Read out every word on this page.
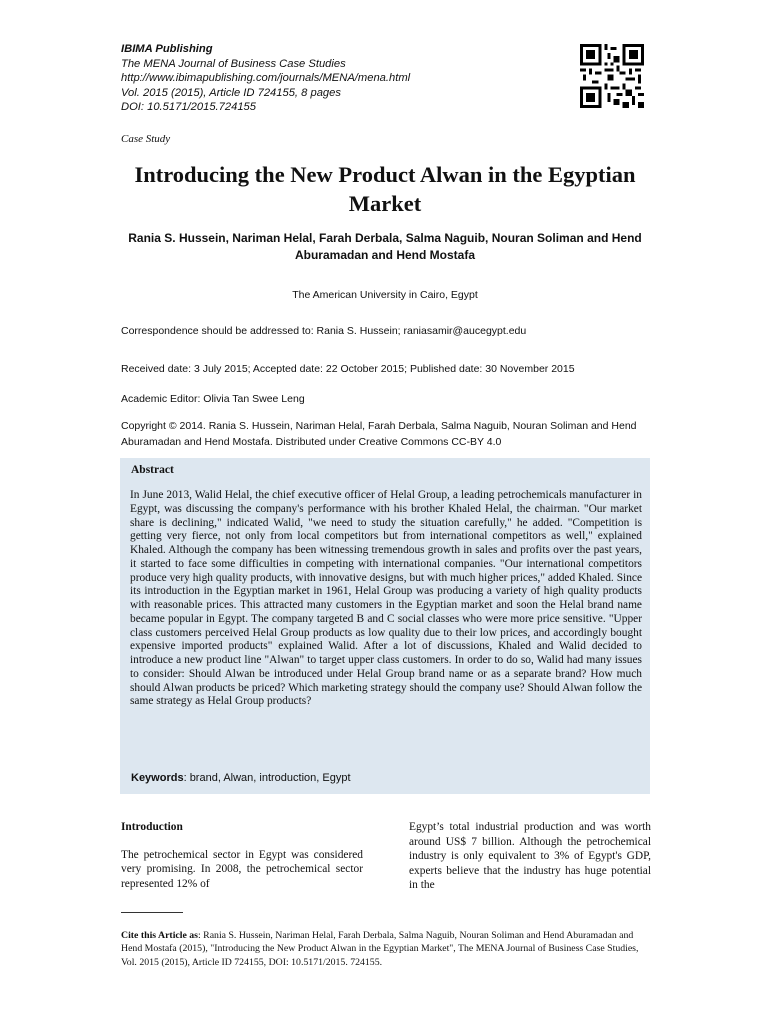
IBIMA Publishing
The MENA Journal of Business Case Studies
http://www.ibimapublishing.com/journals/MENA/mena.html
Vol. 2015 (2015), Article ID 724155, 8 pages
DOI: 10.5171/2015.724155
Case Study
Introducing the New Product Alwan in the Egyptian Market
Rania S. Hussein, Nariman Helal, Farah Derbala, Salma Naguib, Nouran Soliman and Hend Aburamadan and Hend Mostafa
The American University in Cairo, Egypt
Correspondence should be addressed to: Rania S. Hussein; raniasamir@aucegypt.edu
Received date: 3 July 2015; Accepted date: 22 October 2015; Published date: 30 November 2015
Academic Editor: Olivia Tan Swee Leng
Copyright © 2014. Rania S. Hussein, Nariman Helal, Farah Derbala, Salma Naguib, Nouran Soliman and Hend Aburamadan and Hend Mostafa. Distributed under Creative Commons CC-BY 4.0
Abstract
In June 2013, Walid Helal, the chief executive officer of Helal Group, a leading petrochemicals manufacturer in Egypt, was discussing the company's performance with his brother Khaled Helal, the chairman. "Our market share is declining," indicated Walid, "we need to study the situation carefully," he added. "Competition is getting very fierce, not only from local competitors but from international competitors as well," explained Khaled. Although the company has been witnessing tremendous growth in sales and profits over the past years, it started to face some difficulties in competing with international companies. "Our international competitors produce very high quality products, with innovative designs, but with much higher prices," added Khaled. Since its introduction in the Egyptian market in 1961, Helal Group was producing a variety of high quality products with reasonable prices. This attracted many customers in the Egyptian market and soon the Helal brand name became popular in Egypt. The company targeted B and C social classes who were more price sensitive. "Upper class customers perceived Helal Group products as low quality due to their low prices, and accordingly bought expensive imported products" explained Walid. After a lot of discussions, Khaled and Walid decided to introduce a new product line "Alwan" to target upper class customers. In order to do so, Walid had many issues to consider: Should Alwan be introduced under Helal Group brand name or as a separate brand? How much should Alwan products be priced? Which marketing strategy should the company use? Should Alwan follow the same strategy as Helal Group products?
Keywords: brand, Alwan, introduction, Egypt
Introduction
The petrochemical sector in Egypt was considered very promising. In 2008, the petrochemical sector represented 12% of
Egypt’s total industrial production and was worth around US$ 7 billion. Although the petrochemical industry is only equivalent to 3% of Egypt's GDP, experts believe that the industry has huge potential in the
Cite this Article as: Rania S. Hussein, Nariman Helal, Farah Derbala, Salma Naguib, Nouran Soliman and Hend Aburamadan and Hend Mostafa (2015), "Introducing the New Product Alwan in the Egyptian Market", The MENA Journal of Business Case Studies, Vol. 2015 (2015), Article ID 724155, DOI: 10.5171/2015. 724155.
